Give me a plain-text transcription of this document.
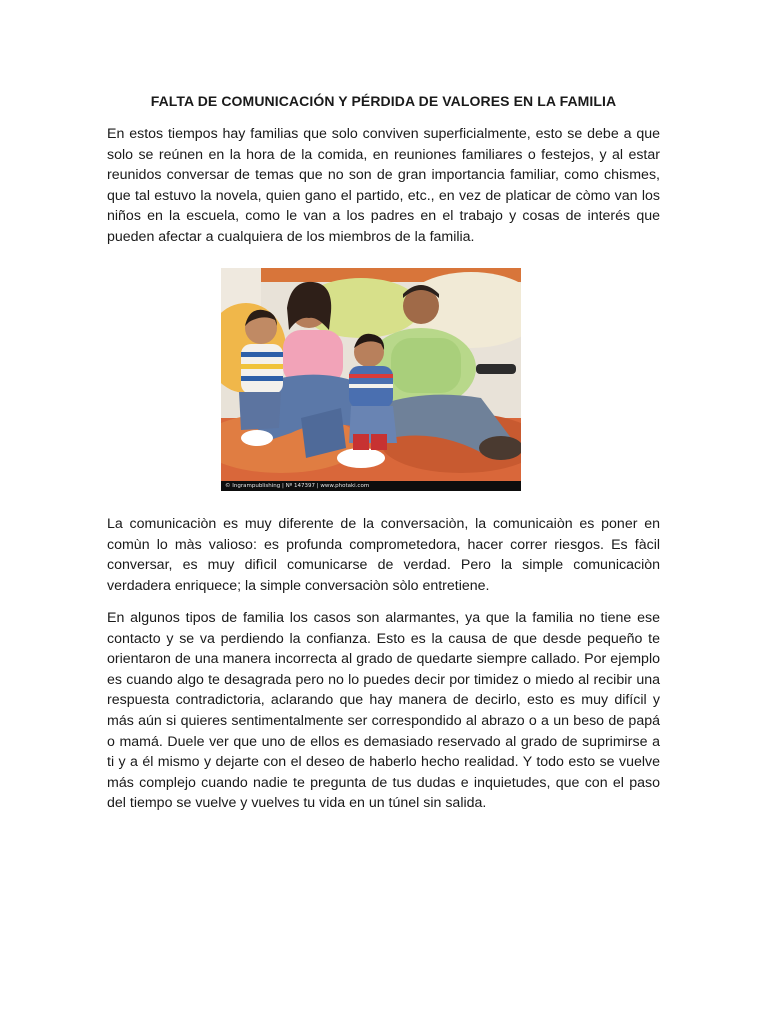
FALTA DE COMUNICACIÓN Y PÉRDIDA DE VALORES EN LA FAMILIA

En estos tiempos hay familias que solo conviven superficialmente, esto se debe a que solo se reúnen en la hora de la comida, en reuniones familiares o festejos, y al estar reunidos conversar de temas que no son de gran importancia familiar, como chismes, que tal estuvo la novela, quien gano el partido, etc., en vez de platicar de còmo van los niños en la escuela, como le van a los padres en el trabajo y cosas de interés que pueden afectar a cualquiera de los miembros de la familia.

© Ingrampublishing | Nº 147397 | www.photaki.com

La comunicaciòn es muy diferente de la conversaciòn, la comunicaiòn es poner en comùn lo màs valioso: es profunda comprometedora, hacer correr riesgos. Es fàcil conversar, es muy difìcil comunicarse de verdad. Pero la simple comunicaciòn verdadera enriquece; la simple conversaciòn sòlo entretiene.

En algunos tipos de familia los casos son alarmantes, ya que la familia no tiene ese contacto y se va perdiendo la confianza. Esto es la causa de que desde pequeño te orientaron de una manera incorrecta al grado de quedarte siempre callado. Por ejemplo es cuando algo te desagrada pero no lo puedes decir por timidez o miedo al recibir una respuesta contradictoria, aclarando que hay manera de decirlo, esto es muy difícil y más aún si quieres sentimentalmente ser correspondido al abrazo o a un beso de papá o mamá. Duele ver que uno de ellos es demasiado reservado al grado de suprimirse a ti y a él mismo y dejarte con el deseo de haberlo hecho realidad. Y todo esto se vuelve más complejo cuando nadie te pregunta de tus dudas e inquietudes, que con el paso del tiempo se vuelve y vuelves tu vida en un túnel sin salida.
